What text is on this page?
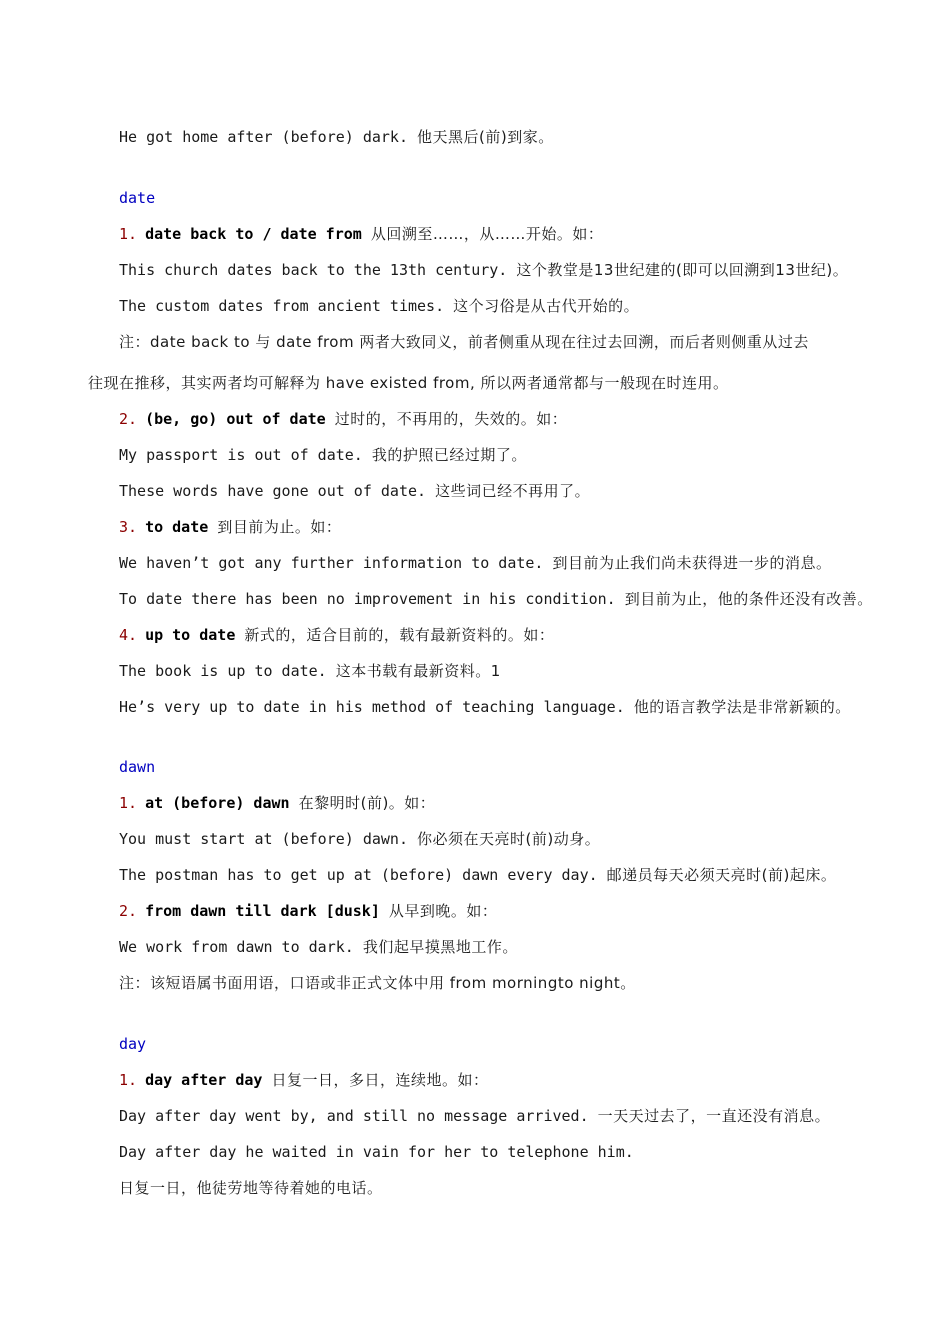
He got home after (before) dark. 他天黑后(前)到家。
date
1. date back to / date from 从回溯至……，从……开始。如：
This church dates back to the 13th century. 这个教堂是13世纪建的(即可以回溯到13世纪)。
The custom dates from ancient times. 这个习俗是从古代开始的。
注：date back to 与 date from 两者大致同义，前者侧重从现在往过去回溯，而后者则侧重从过去
往现在推移，其实两者均可解释为 have existed from, 所以两者通常都与一般现在时连用。
2. (be, go) out of date 过时的，不再用的，失效的。如：
My passport is out of date. 我的护照已经过期了。
These words have gone out of date. 这些词已经不再用了。
3. to date 到目前为止。如：
We haven’t got any further information to date. 到目前为止我们尚未获得进一步的消息。
To date there has been no improvement in his condition. 到目前为止，他的条件还没有改善。
4. up to date 新式的，适合目前的，载有最新资料的。如：
The book is up to date. 这本书载有最新资料。1
He’s very up to date in his method of teaching language. 他的语言教学法是非常新颖的。
dawn
1. at (before) dawn 在黎明时(前)。如：
You must start at (before) dawn. 你必须在天亮时(前)动身。
The postman has to get up at (before) dawn every day. 邮递员每天必须天亮时(前)起床。
2. from dawn till dark [dusk] 从早到晚。如：
We work from dawn to dark. 我们起早摸黑地工作。
注：该短语属书面用语，口语或非正式文体中用 from morningto night。
day
1. day after day 日复一日，多日，连续地。如：
Day after day went by, and still no message arrived. 一天天过去了，一直还没有消息。
Day after day he waited in vain for her to telephone him.
日复一日，他徒劳地等待着她的电话。
